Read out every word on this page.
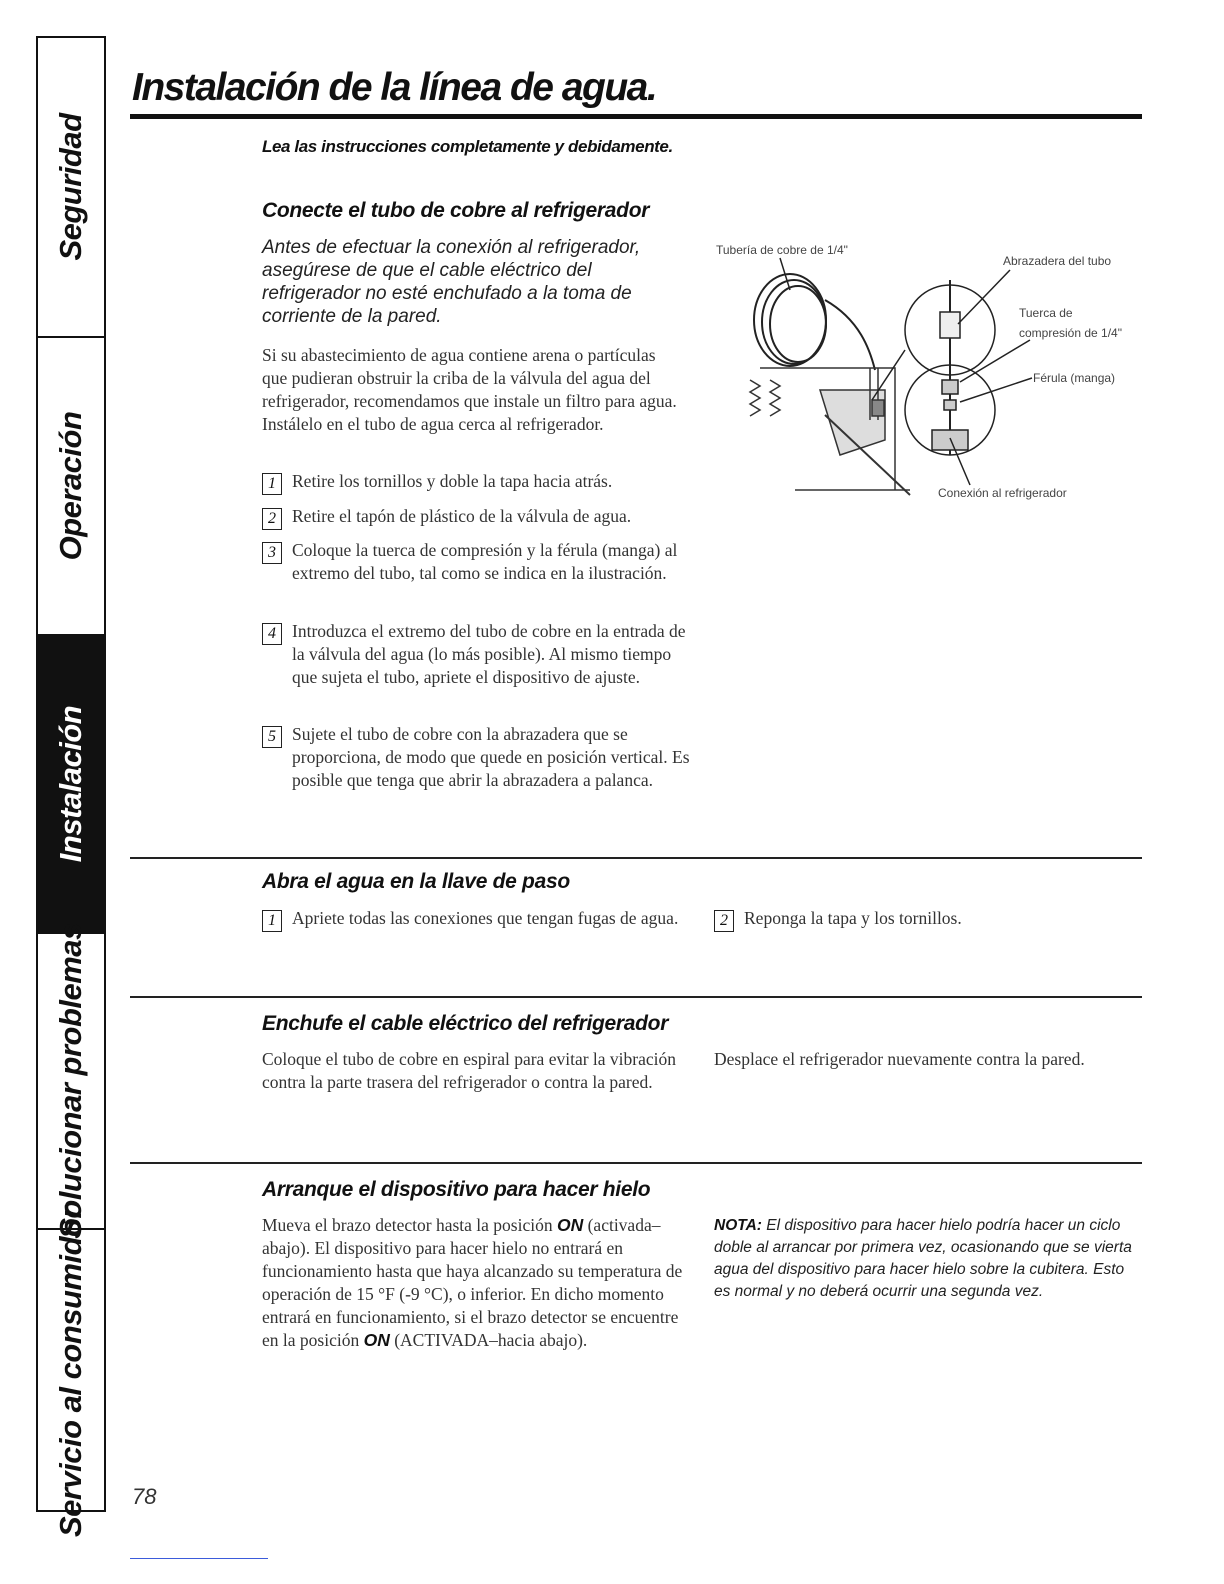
Seguridad
Operación
Instalación
Solucionar problemas
Servicio al consumidor
Instalación de la línea de agua.
Lea las instrucciones completamente y debidamente.
Conecte el tubo de cobre al refrigerador
Antes de efectuar la conexión al refrigerador, asegúrese de que el cable eléctrico del refrigerador no esté enchufado a la toma de corriente de la pared.
Si su abastecimiento de agua contiene arena o partículas que pudieran obstruir la criba de la válvula del agua del refrigerador, recomendamos que instale un filtro para agua. Instálelo en el tubo de agua cerca al refrigerador.
1 Retire los tornillos y doble la tapa hacia atrás.
2 Retire el tapón de plástico de la válvula de agua.
3 Coloque la tuerca de compresión y la férula (manga) al extremo del tubo, tal como se indica en la ilustración.
4 Introduzca el extremo del tubo de cobre en la entrada de la válvula del agua (lo más posible). Al mismo tiempo que sujeta el tubo, apriete el dispositivo de ajuste.
5 Sujete el tubo de cobre con la abrazadera que se proporciona, de modo que quede en posición vertical. Es posible que tenga que abrir la abrazadera a palanca.
Tubería de cobre de 1/4"
Abrazadera del tubo
Tuerca de
compresión de 1/4"
Férula (manga)
Conexión al refrigerador
Abra el agua en la llave de paso
1 Apriete todas las conexiones que tengan fugas de agua.	2 Reponga la tapa y los tornillos.
Enchufe el cable eléctrico del refrigerador
Coloque el tubo de cobre en espiral para evitar la vibración contra la parte trasera del refrigerador o contra la pared.
Desplace el refrigerador nuevamente contra la pared.
Arranque el dispositivo para hacer hielo
Mueva el brazo detector hasta la posición ON (activada–abajo). El dispositivo para hacer hielo no entrará en funcionamiento hasta que haya alcanzado su temperatura de operación de 15 °F (-9 °C), o inferior. En dicho momento entrará en funcionamiento, si el brazo detector se encuentre en la posición ON (ACTIVADA–hacia abajo).
NOTA: El dispositivo para hacer hielo podría hacer un ciclo doble al arrancar por primera vez, ocasionando que se vierta agua del dispositivo para hacer hielo sobre la cubitera. Esto es normal y no deberá ocurrir una segunda vez.
78
